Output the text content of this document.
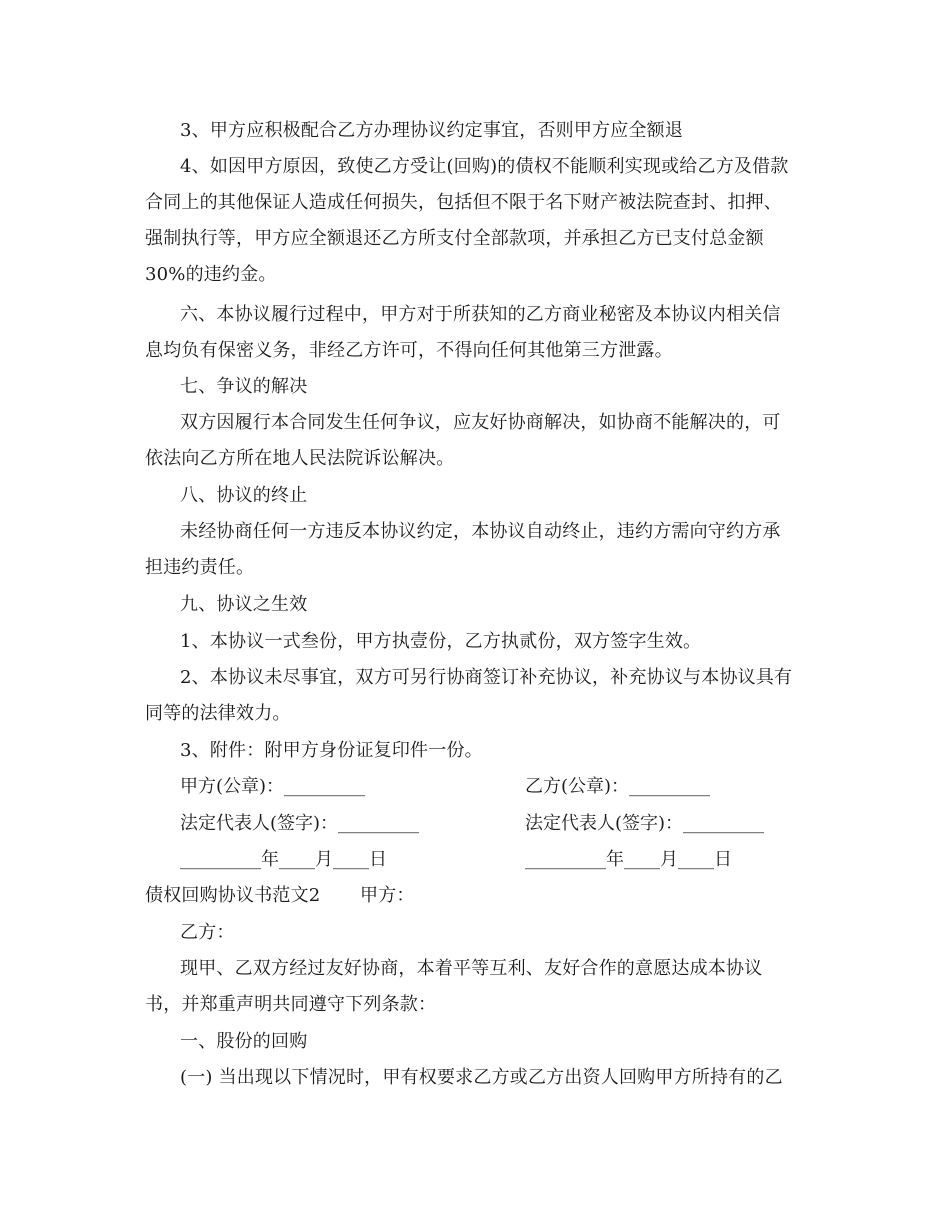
3、甲方应积极配合乙方办理协议约定事宜，否则甲方应全额退
4、如因甲方原因，致使乙方受让(回购)的债权不能顺利实现或给乙方及借款
合同上的其他保证人造成任何损失，包括但不限于名下财产被法院查封、扣押、
强制执行等，甲方应全额退还乙方所支付全部款项，并承担乙方已支付总金额
30%的违约金。
六、本协议履行过程中，甲方对于所获知的乙方商业秘密及本协议内相关信
息均负有保密义务，非经乙方许可，不得向任何其他第三方泄露。
七、争议的解决
双方因履行本合同发生任何争议，应友好协商解决，如协商不能解决的，可
依法向乙方所在地人民法院诉讼解决。
八、协议的终止
未经协商任何一方违反本协议约定，本协议自动终止，违约方需向守约方承
担违约责任。
九、协议之生效
1、本协议一式叁份，甲方执壹份，乙方执贰份，双方签字生效。
2、本协议未尽事宜，双方可另行协商签订补充协议，补充协议与本协议具有
同等的法律效力。
3、附件：附甲方身份证复印件一份。
甲方(公章)：_________	乙方(公章)：_________
法定代表人(签字)：_________	法定代表人(签字)：_________
_________年____月____日	_________年____月____日
债权回购协议书范文2 甲方：
乙方：
现甲、乙双方经过友好协商，本着平等互利、友好合作的意愿达成本协议
书，并郑重声明共同遵守下列条款：
一、股份的回购
(一) 当出现以下情况时，甲有权要求乙方或乙方出资人回购甲方所持有的乙
